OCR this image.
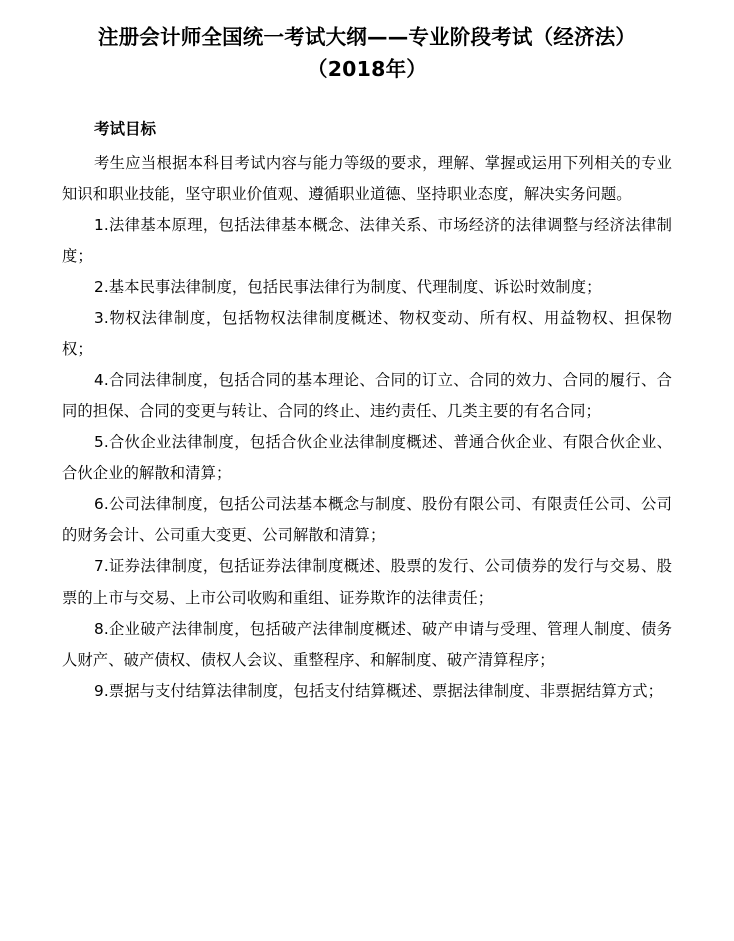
注册会计师全国统一考试大纲——专业阶段考试（经济法）
（2018年）
考试目标

考生应当根据本科目考试内容与能力等级的要求，理解、掌握或运用下列相关的专业知识和职业技能，坚守职业价值观、遵循职业道德、坚持职业态度，解决实务问题。

1.法律基本原理，包括法律基本概念、法律关系、市场经济的法律调整与经济法律制度；

2.基本民事法律制度，包括民事法律行为制度、代理制度、诉讼时效制度；

3.物权法律制度，包括物权法律制度概述、物权变动、所有权、用益物权、担保物权；

4.合同法律制度，包括合同的基本理论、合同的订立、合同的效力、合同的履行、合同的担保、合同的变更与转让、合同的终止、违约责任、几类主要的有名合同；

5.合伙企业法律制度，包括合伙企业法律制度概述、普通合伙企业、有限合伙企业、合伙企业的解散和清算；

6.公司法律制度，包括公司法基本概念与制度、股份有限公司、有限责任公司、公司的财务会计、公司重大变更、公司解散和清算；

7.证券法律制度，包括证券法律制度概述、股票的发行、公司债券的发行与交易、股票的上市与交易、上市公司收购和重组、证券欺诈的法律责任；

8.企业破产法律制度，包括破产法律制度概述、破产申请与受理、管理人制度、债务人财产、破产债权、债权人会议、重整程序、和解制度、破产清算程序；

9.票据与支付结算法律制度，包括支付结算概述、票据法律制度、非票据结算方式；
